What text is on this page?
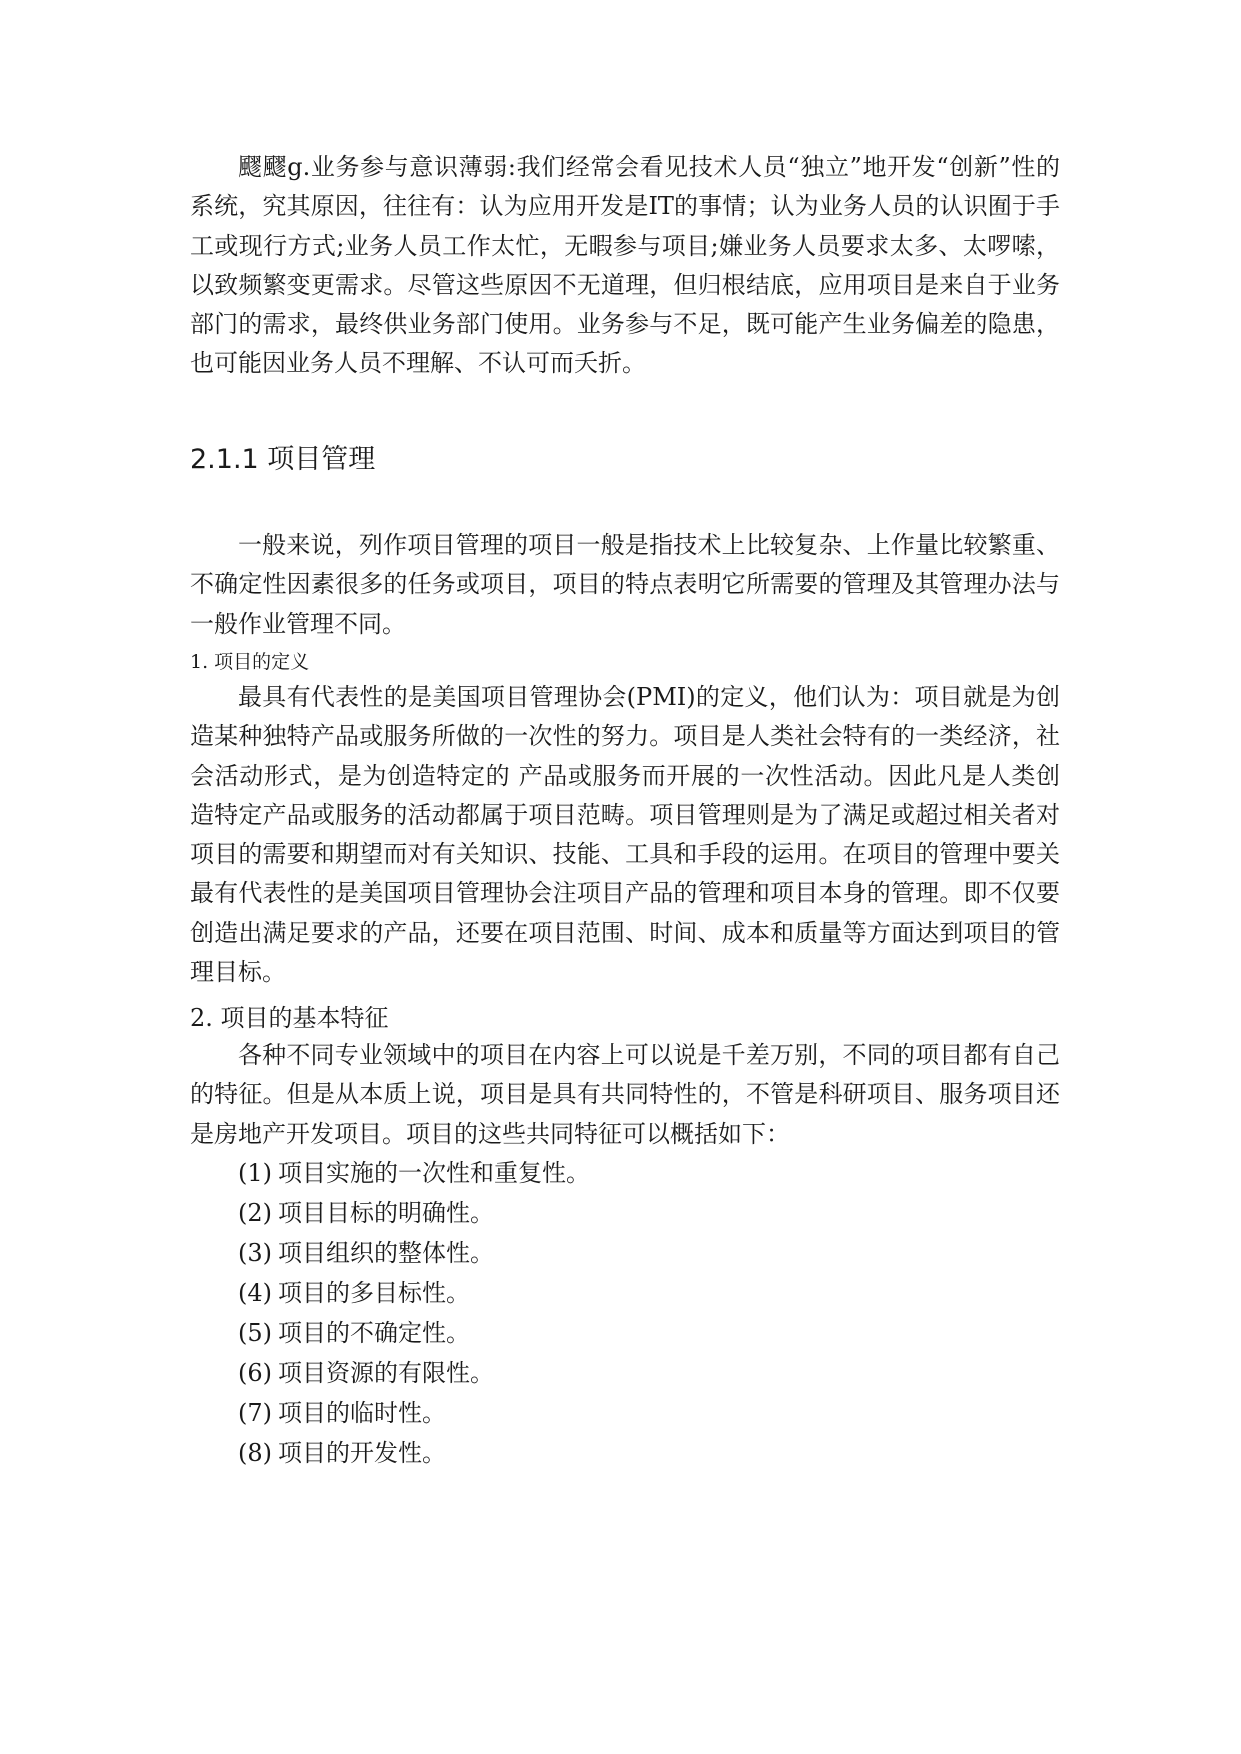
飂飂g.业务参与意识薄弱:我们经常会看见技术人员“独立”地开发“创新”性的系统，究其原因，往往有：认为应用开发是IT的事情；认为业务人员的认识囿于手工或现行方式;业务人员工作太忙，无暇参与项目;嫌业务人员要求太多、太啰嗦，以致频繁变更需求。尽管这些原因不无道理，但归根结底，应用项目是来自于业务部门的需求，最终供业务部门使用。业务参与不足，既可能产生业务偏差的隐患，也可能因业务人员不理解、不认可而夭折。

2.1.1 项目管理

一般来说，列作项目管理的项目一般是指技术上比较复杂、上作量比较繁重、不确定性因素很多的任务或项目，项目的特点表明它所需要的管理及其管理办法与一般作业管理不同。

1. 项目的定义

最具有代表性的是美国项目管理协会(PMI)的定义，他们认为：项目就是为创造某种独特产品或服务所做的一次性的努力。项目是人类社会特有的一类经济，社会活动形式，是为创造特定的 产品或服务而开展的一次性活动。因此凡是人类创造特定产品或服务的活动都属于项目范畴。项目管理则是为了满足或超过相关者对项目的需要和期望而对有关知识、技能、工具和手段的运用。在项目的管理中要关最有代表性的是美国项目管理协会注项目产品的管理和项目本身的管理。即不仅要创造出满足要求的产品，还要在项目范围、时间、成本和质量等方面达到项目的管理目标。

2. 项目的基本特征

各种不同专业领域中的项目在内容上可以说是千差万别，不同的项目都有自己的特征。但是从本质上说，项目是具有共同特性的，不管是科研项目、服务项目还是房地产开发项目。项目的这些共同特征可以概括如下：

(1) 项目实施的一次性和重复性。
(2) 项目目标的明确性。
(3) 项目组织的整体性。
(4) 项目的多目标性。
(5) 项目的不确定性。
(6) 项目资源的有限性。
(7) 项目的临时性。
(8) 项目的开发性。
